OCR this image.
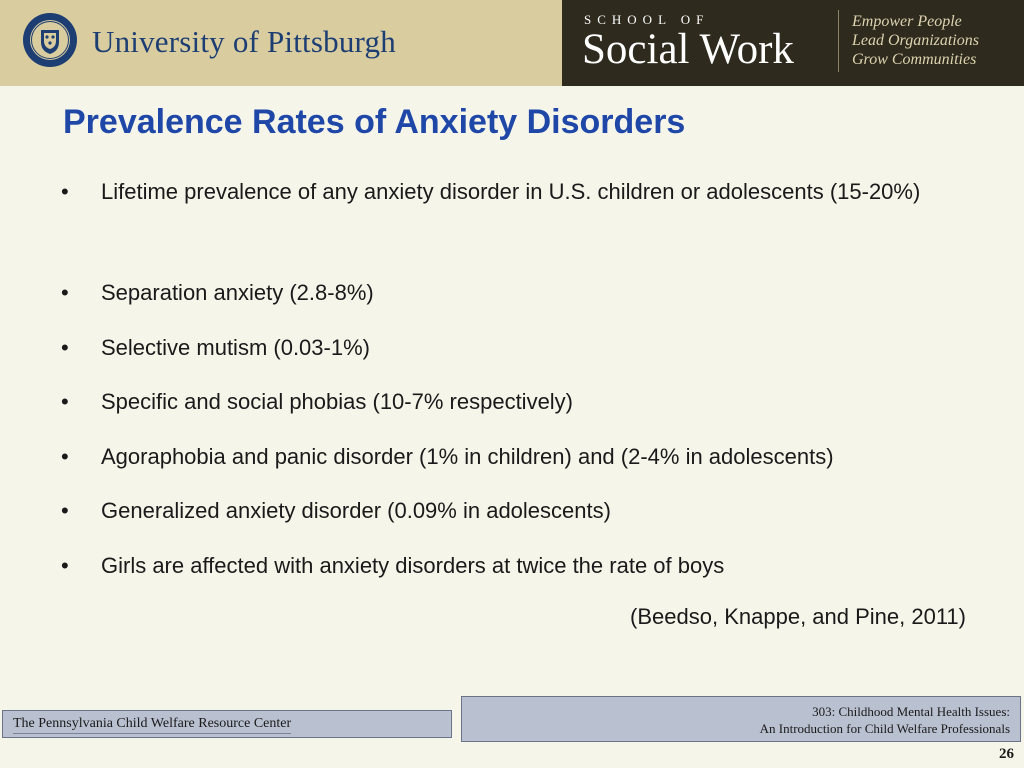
University of Pittsburgh
SCHOOL OF
Social Work
Empower People
Lead Organizations
Grow Communities
Prevalence Rates of Anxiety Disorders
• Lifetime prevalence of any anxiety disorder in U.S. children or adolescents (15-20%)
• Separation anxiety (2.8-8%)
• Selective mutism (0.03-1%)
• Specific and social phobias (10-7% respectively)
• Agoraphobia and panic disorder (1% in children) and (2-4% in adolescents)
• Generalized anxiety disorder (0.09% in adolescents)
• Girls are affected with anxiety disorders at twice the rate of boys
(Beedso, Knappe, and Pine, 2011)
The Pennsylvania Child Welfare Resource Center
303: Childhood Mental Health Issues:
An Introduction for Child Welfare Professionals
26
